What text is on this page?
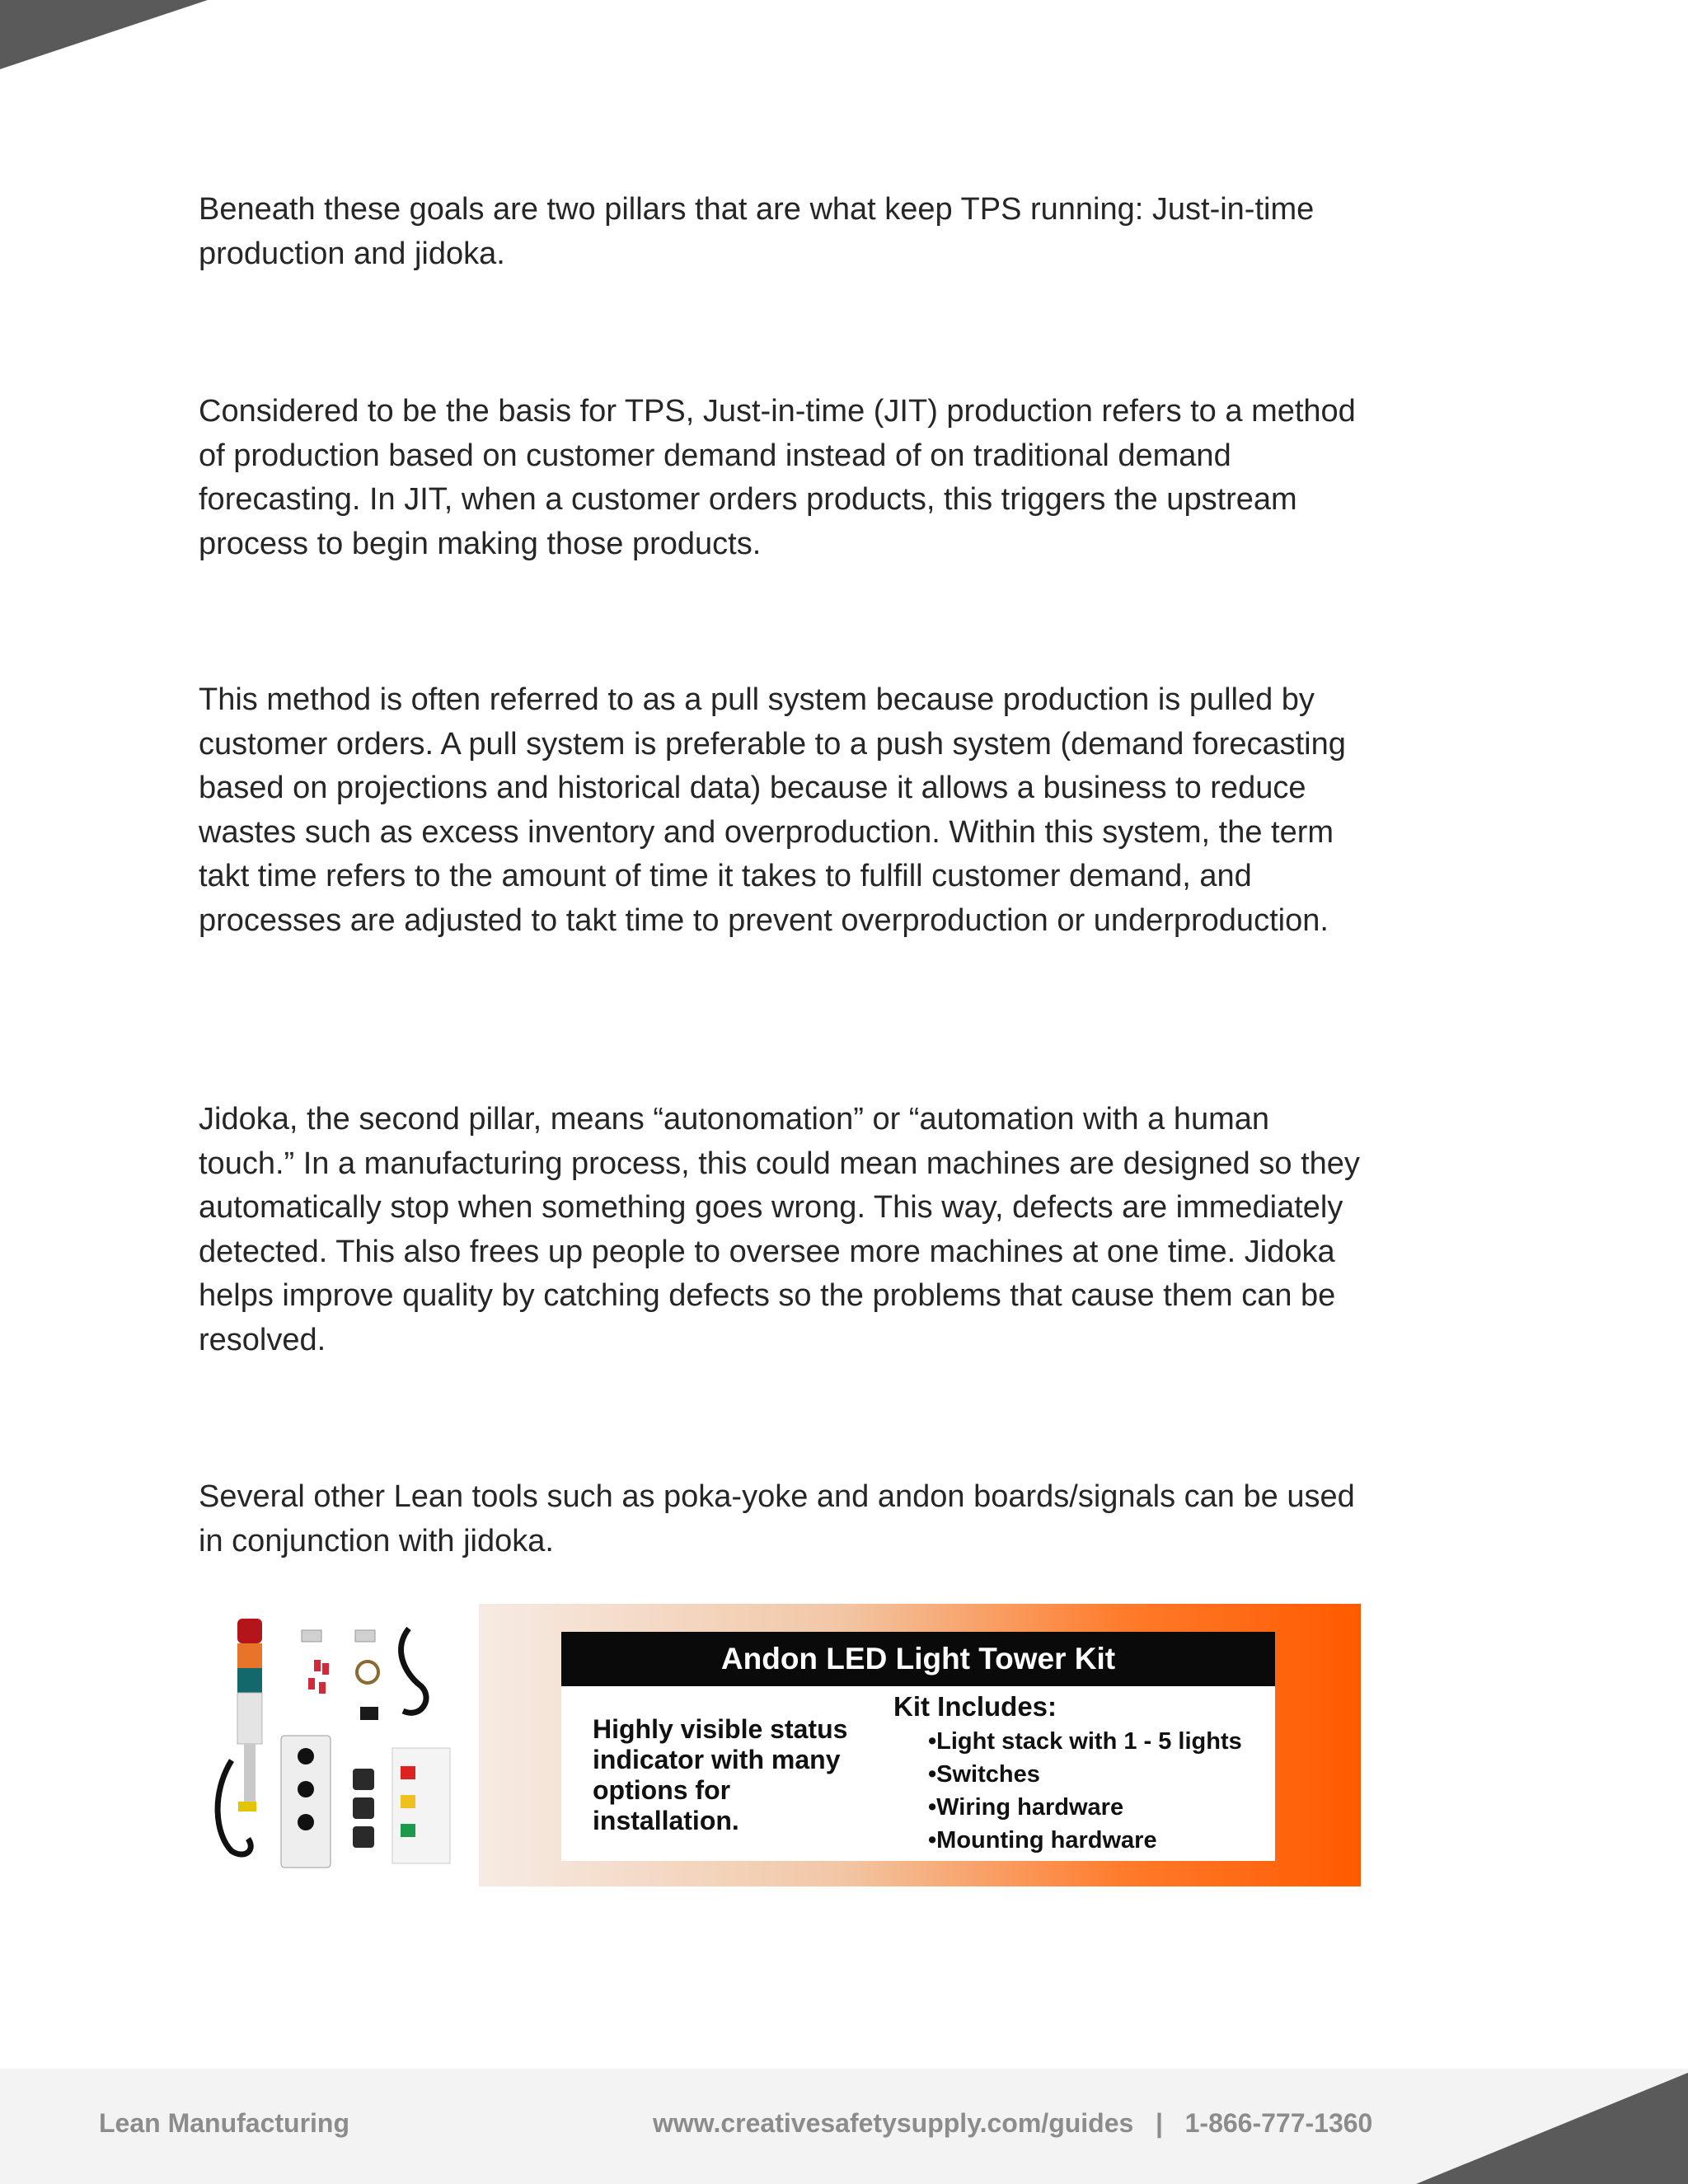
Beneath these goals are two pillars that are what keep TPS running: Just-in-time production and jidoka.

Considered to be the basis for TPS, Just-in-time (JIT) production refers to a method of production based on customer demand instead of on traditional demand forecasting. In JIT, when a customer orders products, this triggers the upstream process to begin making those products.

This method is often referred to as a pull system because production is pulled by customer orders. A pull system is preferable to a push system (demand forecasting based on projections and historical data) because it allows a business to reduce wastes such as excess inventory and overproduction. Within this system, the term takt time refers to the amount of time it takes to fulfill customer demand, and processes are adjusted to takt time to prevent overproduction or underproduction.

Jidoka, the second pillar, means “autonomation” or “automation with a human touch.” In a manufacturing process, this could mean machines are designed so they automatically stop when something goes wrong. This way, defects are immediately detected. This also frees up people to oversee more machines at one time. Jidoka helps improve quality by catching defects so the problems that cause them can be resolved.

Several other Lean tools such as poka-yoke and andon boards/signals can be used in conjunction with jidoka.

Andon LED Light Tower Kit
Highly visible status indicator with many options for installation.
Kit Includes:
• Light stack with 1 - 5 lights
• Switches
• Wiring hardware
• Mounting hardware
Lean Manufacturing	www.creativesafetysupply.com/guides   |   1-866-777-1360
